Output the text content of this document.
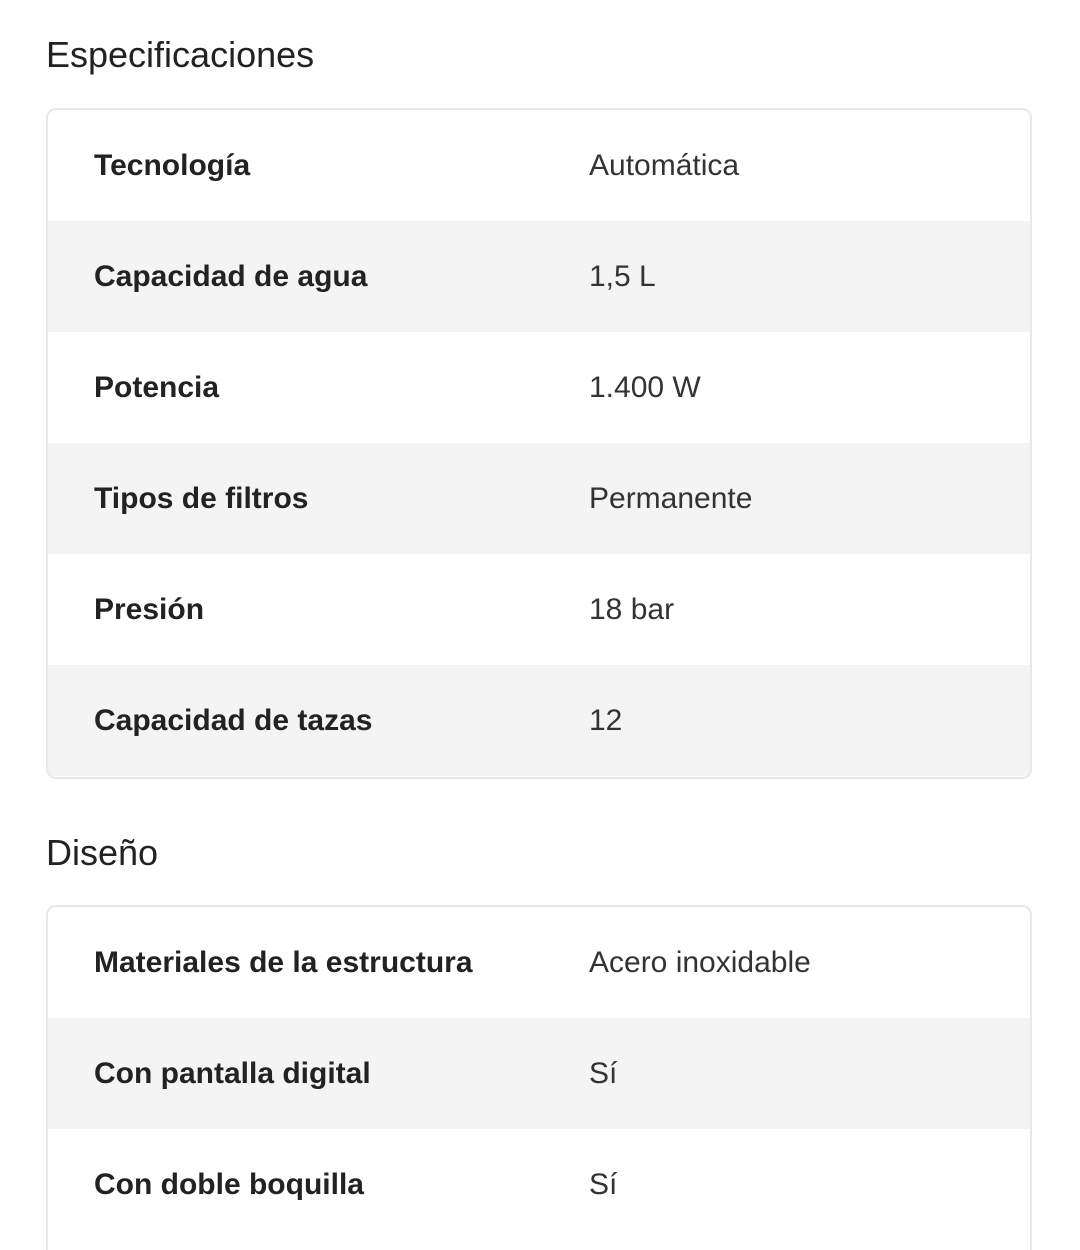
Especificaciones
Tecnología	Automática
Capacidad de agua	1,5 L
Potencia	1.400 W
Tipos de filtros	Permanente
Presión	18 bar
Capacidad de tazas	12
Diseño
Materiales de la estructura	Acero inoxidable
Con pantalla digital	Sí
Con doble boquilla	Sí
